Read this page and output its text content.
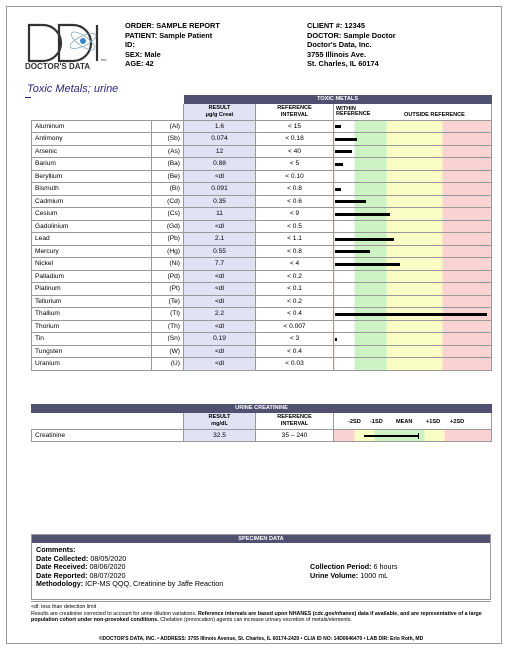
DOCTOR'S DATA
Inc.
ORDER: SAMPLE REPORT
PATIENT: Sample Patient
ID:
SEX: Male
AGE: 42
CLIENT #: 12345
DOCTOR: Sample Doctor
Doctor's Data, Inc.
3755 Illinois Ave.
St. Charles, IL 60174
Toxic Metals; urine
		TOXIC METALS		
		RESULT
µg/g Creat	REFERENCE
INTERVAL	WITHIN
REFERENCE OUTSIDE REFERENCE

Aluminum	(Al)	1.6	< 15	

Antimony	(Sb)	0.074	< 0.18	

Arsenic	(As)	12	< 40	

Barium	(Ba)	0.88	< 5	

Beryllium	(Be)	<dl	< 0.10	
Bismuth	(Bi)	0.091	< 0.8	

Cadmium	(Cd)	0.35	< 0.6	

Cesium	(Cs)	11	< 9	

Gadolinium	(Gd)	<dl	< 0.5	
Lead	(Pb)	2.1	< 1.1	

Mercury	(Hg)	0.55	< 0.8	

Nickel	(Ni)	7.7	< 4	

Palladium	(Pd)	<dl	< 0.2	
Platinum	(Pt)	<dl	< 0.1	
Tellurium	(Te)	<dl	< 0.2	
Thallium	(Tl)	2.2	< 0.4	

Thorium	(Th)	<dl	< 0.007	
Tin	(Sn)	0.19	< 3	

Tungsten	(W)	<dl	< 0.4	
Uranium	(U)	<dl	< 0.03	
URINE CREATININE			
	RESULT
mg/dL	REFERENCE
INTERVAL	-2SD -1SD MEAN +1SD +2SD

Creatinine	32.5	35 – 240	
SPECIMEN DATA
Comments:
Date Collected: 08/05/2020
Date Received: 08/06/2020
Date Reported: 08/07/2020
Methodology: ICP-MS QQQ, Creatinine by Jaffe Reaction
Collection Period: 6 hours
Urine Volume: 1000 mL
<dl: less than detection limit
Results are creatinine corrected to account for urine dilution variations. Reference intervals are based upon NHANES (cdc.gov/nhanes) data if available, and are representative of a large population cohort under non-provoked conditions. Chelation (provocation) agents can increase urinary excretion of metals/elements.
©DOCTOR'S DATA, INC. • ADDRESS: 3755 Illinois Avenue, St. Charles, IL 60174-2420 • CLIA ID NO: 14D0646470 • LAB DIR: Erlo Roth, MD
